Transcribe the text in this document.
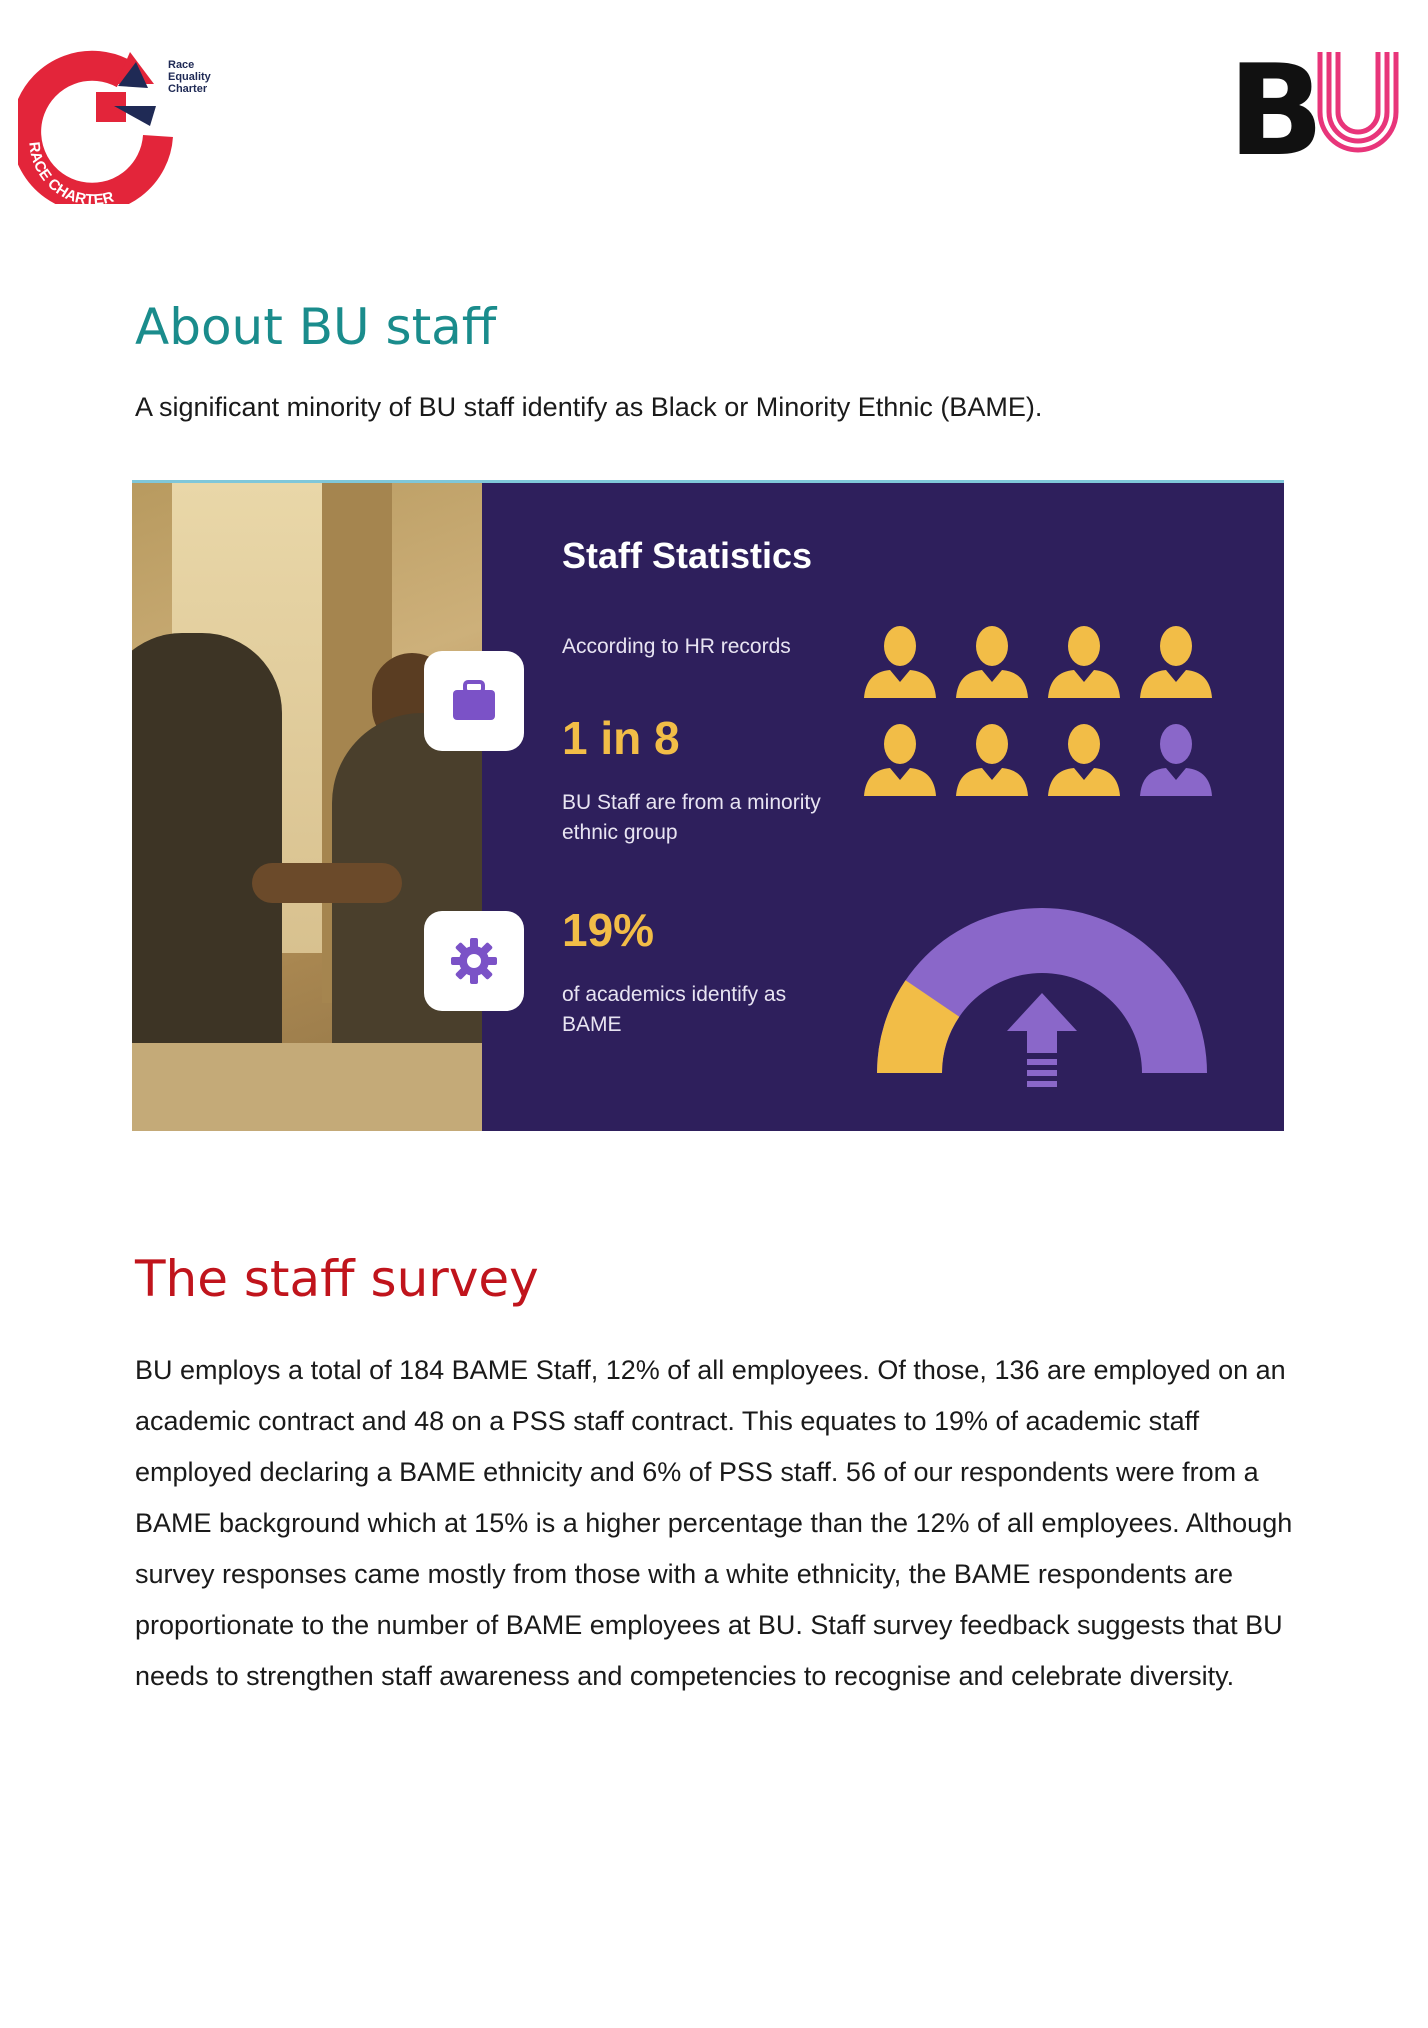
Race
Equality
Charter
RACE CHARTER
B
About BU staff

A significant minority of BU staff identify as Black or Minority Ethnic (BAME).

Staff Statistics

According to HR records

1 in 8

BU Staff are from a minority ethnic group

19%

of academics identify as BAME

The staff survey

BU employs a total of 184 BAME Staff, 12% of all employees. Of those, 136 are employed on an academic contract and 48 on a PSS staff contract. This equates to 19% of academic staff employed declaring a BAME ethnicity and 6% of PSS staff. 56 of our respondents were from a BAME background which at 15% is a higher percentage than the 12% of all employees. Although survey responses came mostly from those with a white ethnicity, the BAME respondents are proportionate to the number of BAME employees at BU. Staff survey feedback suggests that BU needs to strengthen staff awareness and competencies to recognise and celebrate diversity.
